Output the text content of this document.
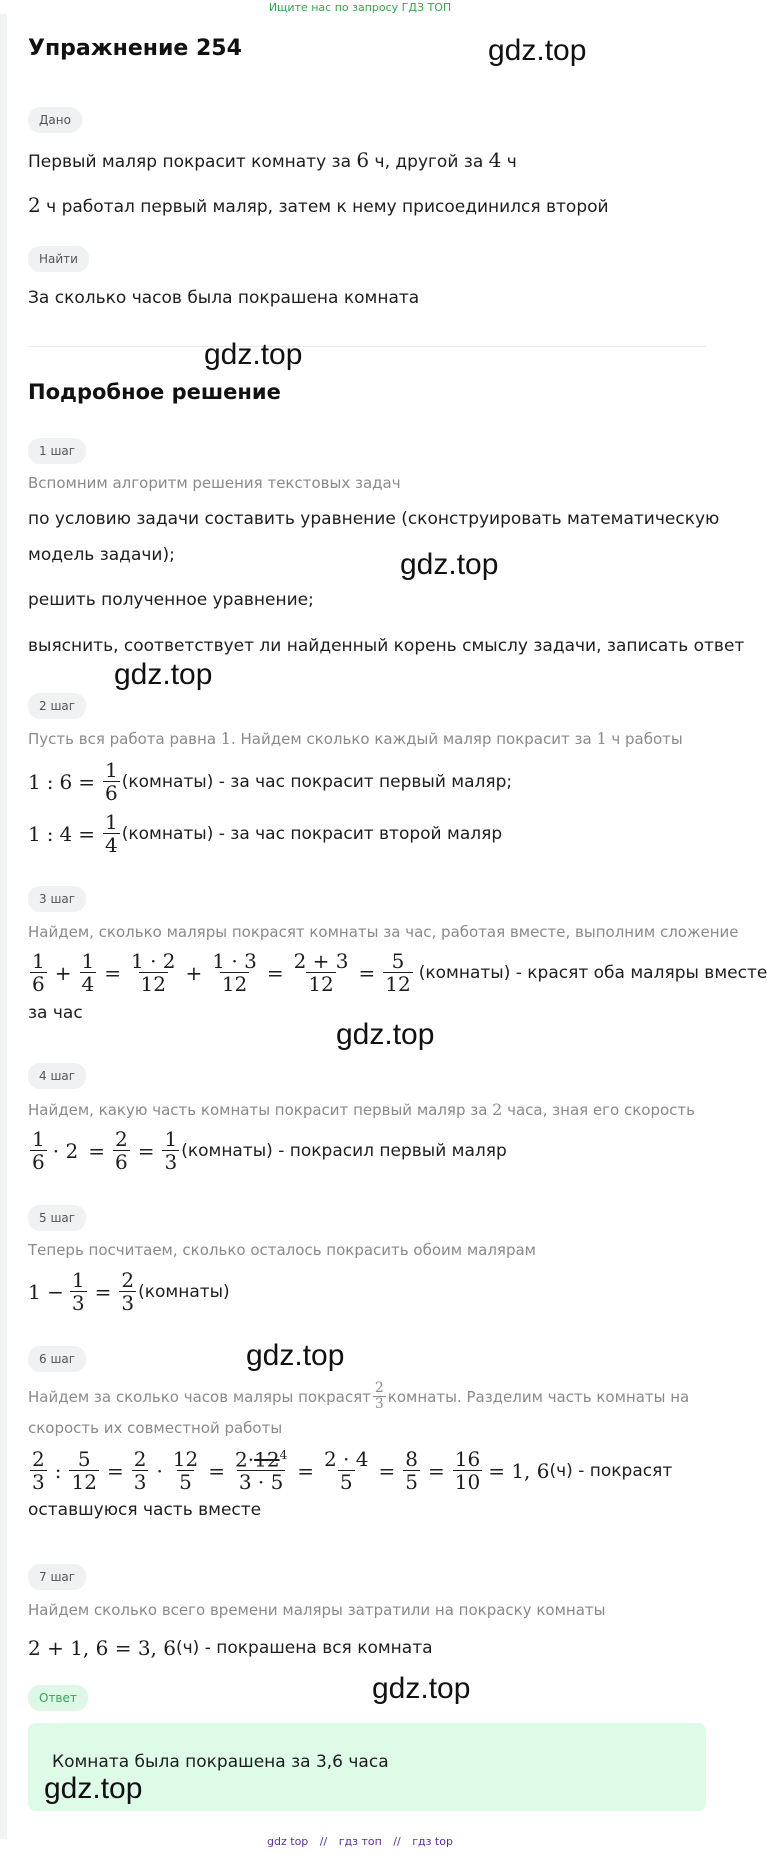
Ищите нас по запросу ГДЗ ТОП
Упражнение 254	gdz.top
Дано
Первый маляр покрасит комнату за 6 ч, другой за 4 ч
2 ч работал первый маляр, затем к нему присоединился второй
Найти
За сколько часов была покрашена комната
gdz.top
Подробное решение
1 шаг
Вспомним алгоритм решения текстовых задач
по условию задачи составить уравнение (сконструировать математическую
модель задачи);	gdz.top
решить полученное уравнение;
выяснить, соответствует ли найденный корень смыслу задачи, записать ответ
gdz.top
2 шаг
Пусть вся работа равна 1. Найдем сколько каждый маляр покрасит за 1 ч работы
1 : $6 = \frac{1}{6}$ (комнаты) - за час покрасит первый маляр;
1 : $4 = \frac{1}{4}$ (комнаты) - за час покрасит второй маляр
3 шаг
Найдем, сколько маляры покрасят комнаты за час, работая вместе, выполним сложение
$\frac{1}{6} + \frac{1}{4} = \frac{1 \cdot 2}{12} + \frac{1 \cdot 3}{12} = \frac{2 + 3}{12} = \frac{5}{12}$ (комнаты) - красят оба маляры вместе
за час
gdz.top
4 шаг
Найдем, какую часть комнаты покрасит первый маляр за 2 часа, зная его скорость
$\frac{1}{6} \cdot 2 = \frac{2}{6} = \frac{1}{3}$ (комнаты) - покрасил первый маляр
5 шаг
Теперь посчитаем, сколько осталось покрасить обоим малярам
$1 - \frac{1}{3} = \frac{2}{3}$ (комнаты)
6 шаг	gdz.top
Найдем за сколько часов маляры покрасят $\frac{2}{3}$ комнаты. Разделим часть комнаты на
скорость их совместной работы
$\frac{2}{3}$ : $\frac{5}{12} = \frac{2}{3} \cdot \frac{12}{5} = \frac{2\cdot 12^4}{3 \cdot 5} = \frac{2 \cdot 4}{5} = \frac{8}{5} = \frac{16}{10} = 1$, 6 (ч) - покрасят
оставшуюся часть вместе
7 шаг
Найдем сколько всего времени маляры затратили на покраску комнаты
2 + 1, 6 = 3, 6 (ч) - покрашена вся комната
gdz.top
Ответ
Комната была покрашена за 3,6 часа
gdz.top
gdz top // гдз топ // гдз top
